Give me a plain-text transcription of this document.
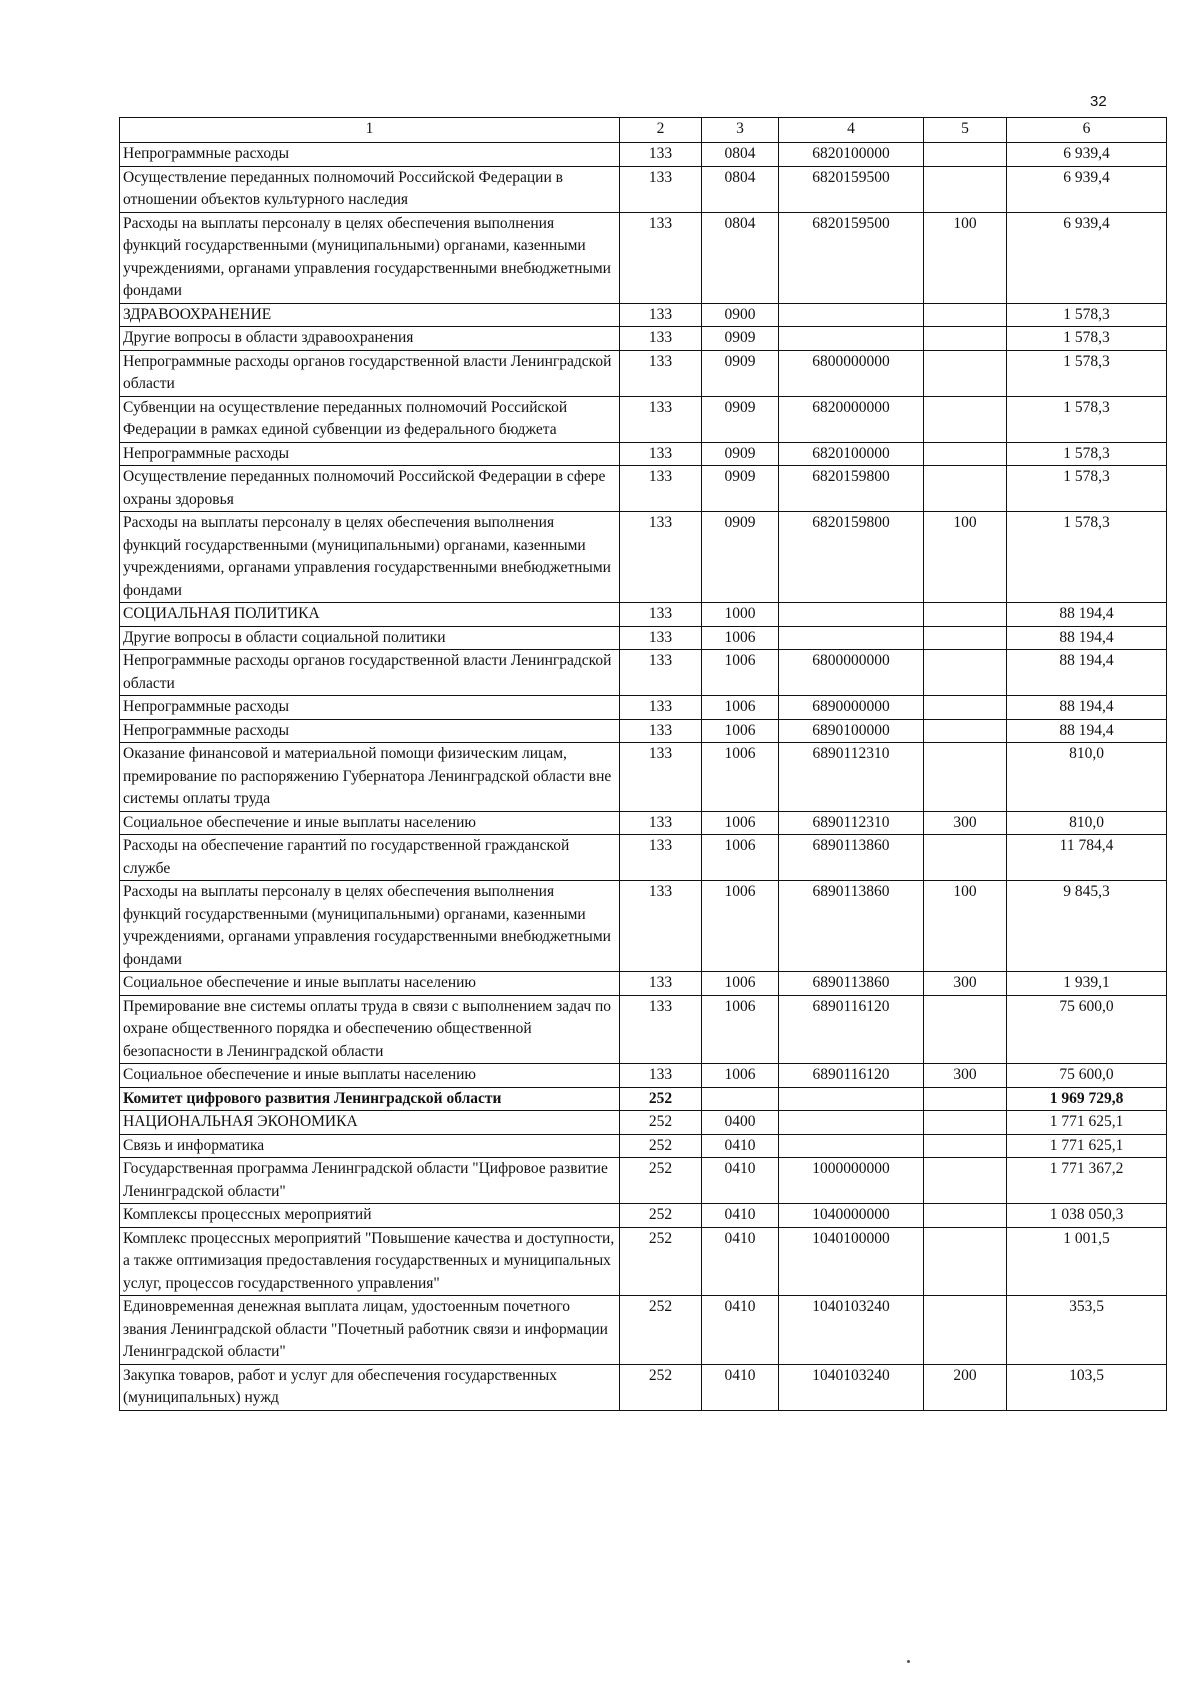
32
1	2	3	4	5	6
Непрограммные расходы	133	0804	6820100000		6 939,4
Осуществление переданных полномочий Российской Федерации в отношении объектов культурного наследия	133	0804	6820159500		6 939,4
Расходы на выплаты персоналу в целях обеспечения выполнения функций государственными (муниципальными) органами, казенными учреждениями, органами управления государственными внебюджетными фондами	133	0804	6820159500	100	6 939,4
ЗДРАВООХРАНЕНИЕ	133	0900			1 578,3
Другие вопросы в области здравоохранения	133	0909			1 578,3
Непрограммные расходы органов государственной власти Ленинградской области	133	0909	6800000000		1 578,3
Субвенции на осуществление переданных полномочий Российской Федерации в рамках единой субвенции из федерального бюджета	133	0909	6820000000		1 578,3
Непрограммные расходы	133	0909	6820100000		1 578,3
Осуществление переданных полномочий Российской Федерации в сфере охраны здоровья	133	0909	6820159800		1 578,3
Расходы на выплаты персоналу в целях обеспечения выполнения функций государственными (муниципальными) органами, казенными учреждениями, органами управления государственными внебюджетными фондами	133	0909	6820159800	100	1 578,3
СОЦИАЛЬНАЯ ПОЛИТИКА	133	1000			88 194,4
Другие вопросы в области социальной политики	133	1006			88 194,4
Непрограммные расходы органов государственной власти Ленинградской области	133	1006	6800000000		88 194,4
Непрограммные расходы	133	1006	6890000000		88 194,4
Непрограммные расходы	133	1006	6890100000		88 194,4
Оказание финансовой и материальной помощи физическим лицам, премирование по распоряжению Губернатора Ленинградской области вне системы оплаты труда	133	1006	6890112310		810,0
Социальное обеспечение и иные выплаты населению	133	1006	6890112310	300	810,0
Расходы на обеспечение гарантий по государственной гражданской службе	133	1006	6890113860		11 784,4
Расходы на выплаты персоналу в целях обеспечения выполнения функций государственными (муниципальными) органами, казенными учреждениями, органами управления государственными внебюджетными фондами	133	1006	6890113860	100	9 845,3
Социальное обеспечение и иные выплаты населению	133	1006	6890113860	300	1 939,1
Премирование вне системы оплаты труда в связи с выполнением задач по охране общественного порядка и обеспечению общественной безопасности в Ленинградской области	133	1006	6890116120		75 600,0
Социальное обеспечение и иные выплаты населению	133	1006	6890116120	300	75 600,0
Комитет цифрового развития Ленинградской области	252				1 969 729,8
НАЦИОНАЛЬНАЯ ЭКОНОМИКА	252	0400			1 771 625,1
Связь и информатика	252	0410			1 771 625,1
Государственная программа Ленинградской области "Цифровое развитие Ленинградской области"	252	0410	1000000000		1 771 367,2
Комплексы процессных мероприятий	252	0410	1040000000		1 038 050,3
Комплекс процессных мероприятий "Повышение качества и доступности, а также оптимизация предоставления государственных и муниципальных услуг, процессов государственного управления"	252	0410	1040100000		1 001,5
Единовременная денежная выплата лицам, удостоенным почетного звания Ленинградской области "Почетный работник связи и информации Ленинградской области"	252	0410	1040103240		353,5
Закупка товаров, работ и услуг для обеспечения государственных (муниципальных) нужд	252	0410	1040103240	200	103,5
